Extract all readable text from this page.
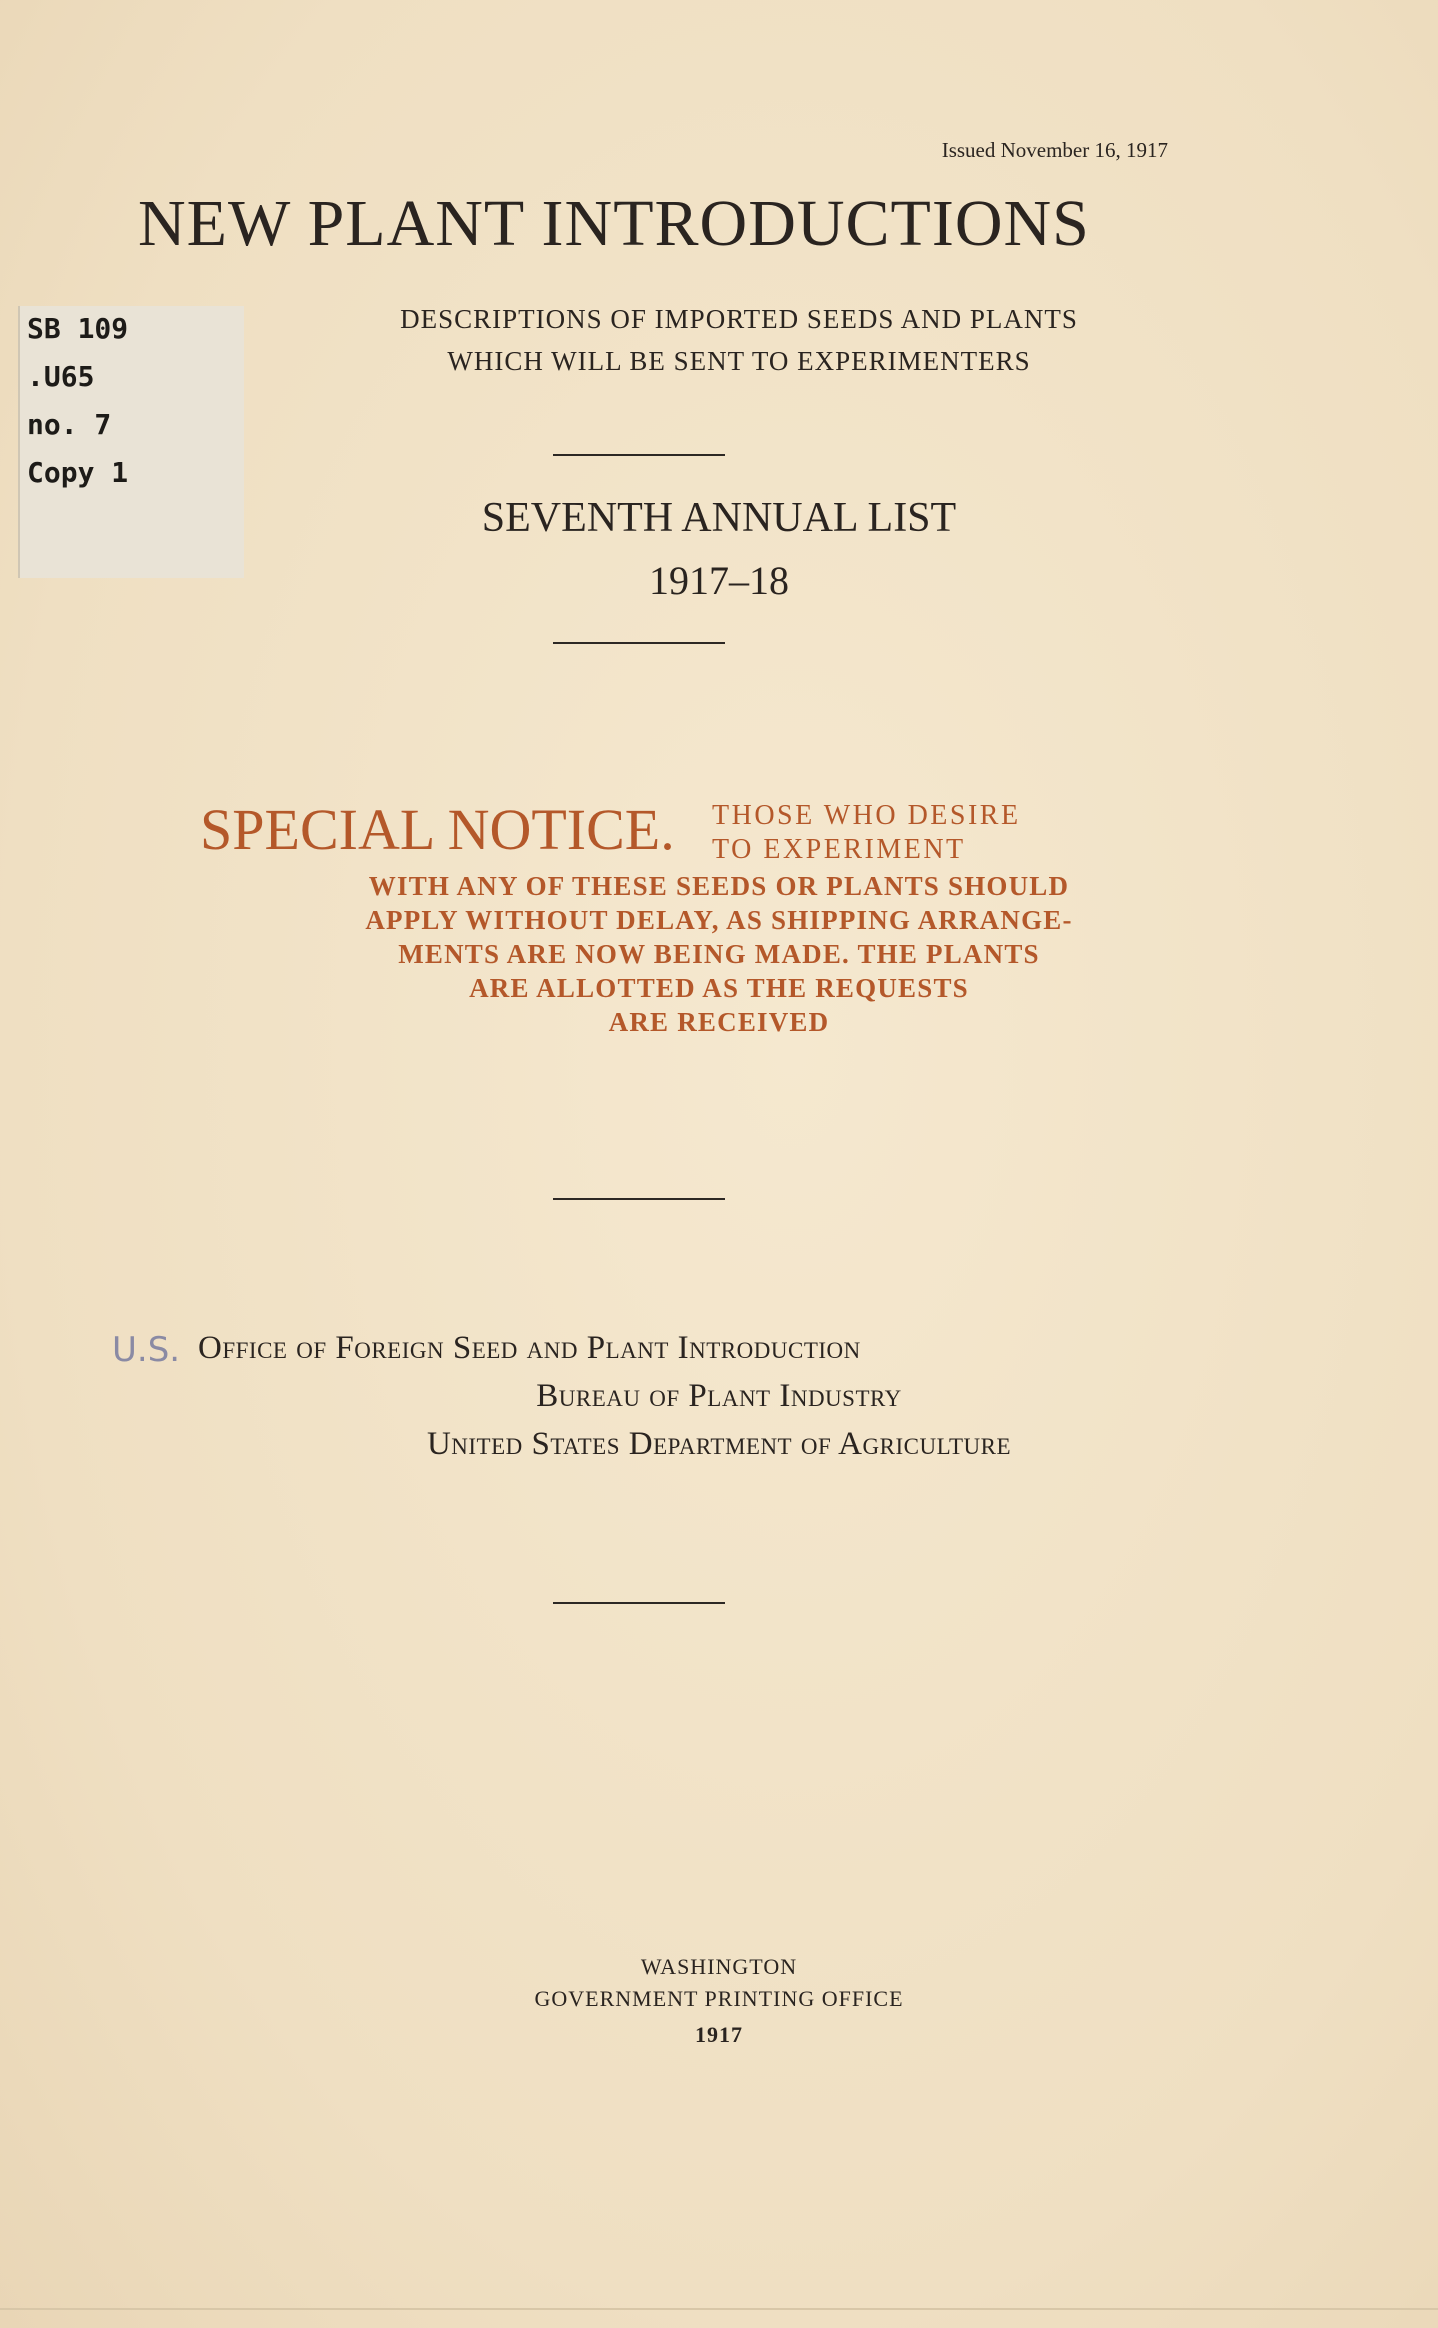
SB 109
.U65
no. 7
Copy 1
Issued November 16, 1917
NEW PLANT INTRODUCTIONS
DESCRIPTIONS OF IMPORTED SEEDS AND PLANTS
WHICH WILL BE SENT TO EXPERIMENTERS
SEVENTH ANNUAL LIST
1917–18
SPECIAL NOTICE. THOSE WHO DESIRE
TO EXPERIMENT
WITH ANY OF THESE SEEDS OR PLANTS SHOULD
APPLY WITHOUT DELAY, AS SHIPPING ARRANGE-
MENTS ARE NOW BEING MADE. THE PLANTS
ARE ALLOTTED AS THE REQUESTS
ARE RECEIVED
U.S. Office of Foreign Seed and Plant Introduction
Bureau of Plant Industry
United States Department of Agriculture
WASHINGTON
GOVERNMENT PRINTING OFFICE
1917
